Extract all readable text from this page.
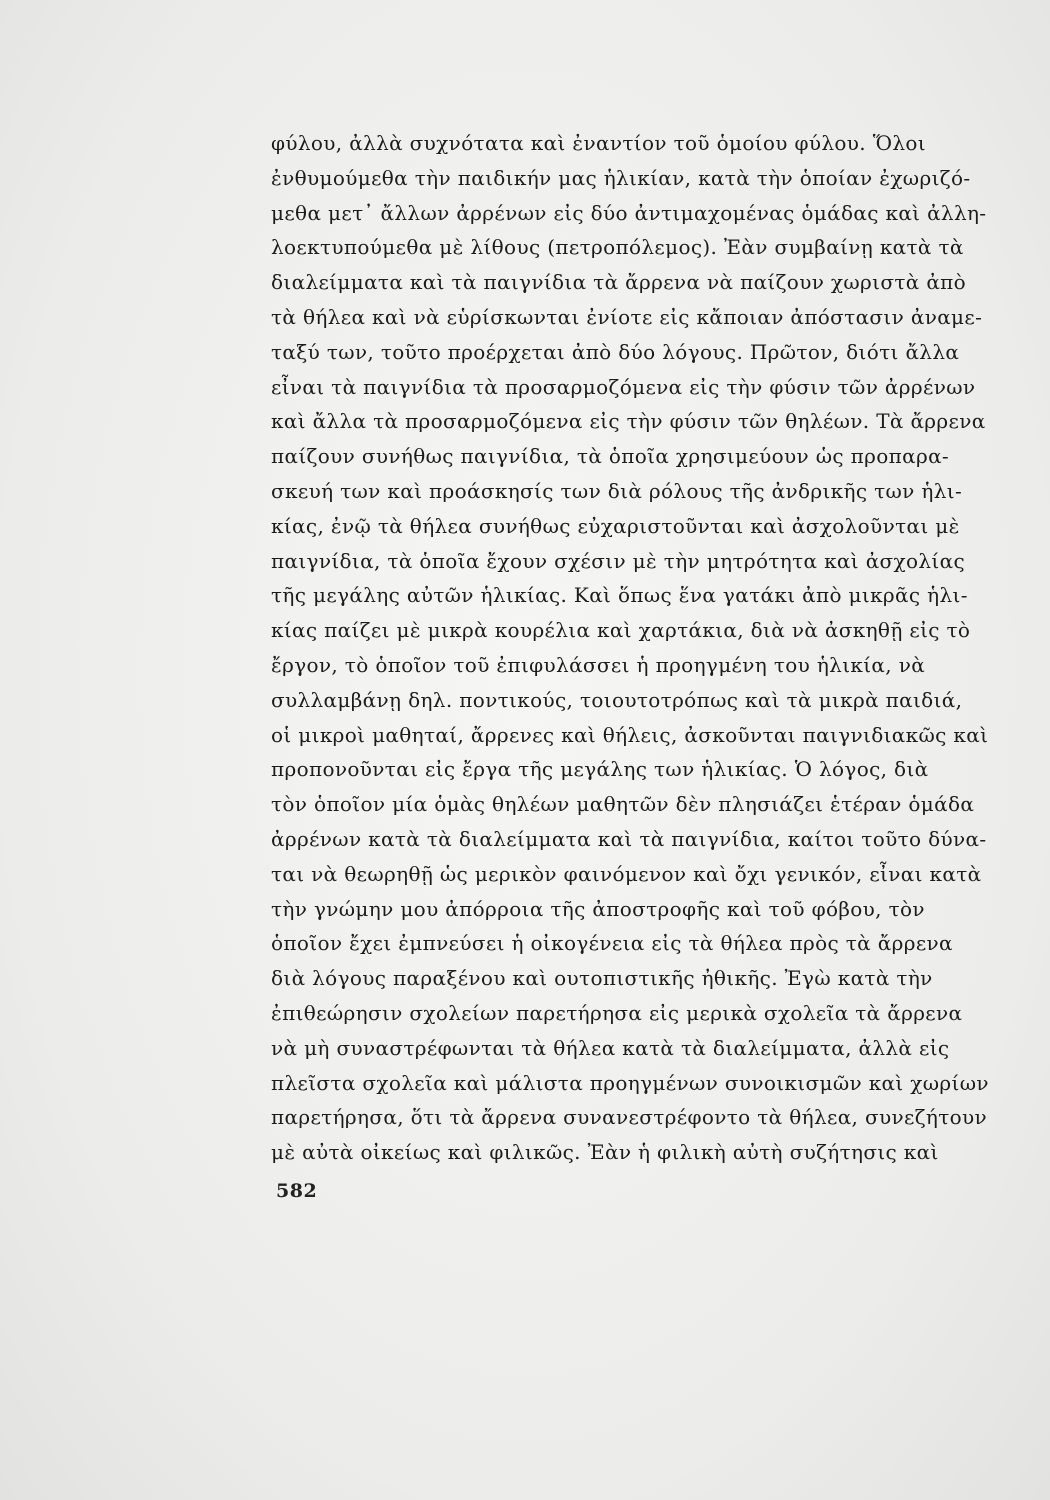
φύλου, ἀλλὰ συχνότατα καὶ ἐναντίον τοῦ ὁμοίου φύλου. Ὅλοι
ἐνθυμούμεθα τὴν παιδικήν μας ἡλικίαν, κατὰ τὴν ὁποίαν ἐχωριζό-
μεθα μετ᾽ ἄλλων ἀρρένων εἰς δύο ἀντιμαχομένας ὁμάδας καὶ ἀλλη-
λοεκτυπούμεθα μὲ λίθους (πετροπόλεμος). Ἐὰν συμβαίνῃ κατὰ τὰ
διαλείμματα καὶ τὰ παιγνίδια τὰ ἄρρενα νὰ παίζουν χωριστὰ ἀπὸ
τὰ θήλεα καὶ νὰ εὑρίσκωνται ἐνίοτε εἰς κἄποιαν ἀπόστασιν ἀναμε-
ταξύ των, τοῦτο προέρχεται ἀπὸ δύο λόγους. Πρῶτον, διότι ἄλλα
εἶναι τὰ παιγνίδια τὰ προσαρμοζόμενα εἰς τὴν φύσιν τῶν ἀρρένων
καὶ ἄλλα τὰ προσαρμοζόμενα εἰς τὴν φύσιν τῶν θηλέων. Τὰ ἄρρενα
παίζουν συνήθως παιγνίδια, τὰ ὁποῖα χρησιμεύουν ὡς προπαρα-
σκευή των καὶ προάσκησίς των διὰ ρόλους τῆς ἀνδρικῆς των ἡλι-
κίας, ἐνῷ τὰ θήλεα συνήθως εὐχαριστοῦνται καὶ ἀσχολοῦνται μὲ
παιγνίδια, τὰ ὁποῖα ἔχουν σχέσιν μὲ τὴν μητρότητα καὶ ἀσχολίας
τῆς μεγάλης αὐτῶν ἡλικίας. Καὶ ὅπως ἕνα γατάκι ἀπὸ μικρᾶς ἡλι-
κίας παίζει μὲ μικρὰ κουρέλια καὶ χαρτάκια, διὰ νὰ ἀσκηθῇ εἰς τὸ
ἔργον, τὸ ὁποῖον τοῦ ἐπιφυλάσσει ἡ προηγμένη του ἡλικία, νὰ
συλλαμβάνῃ δηλ. ποντικούς, τοιουτοτρόπως καὶ τὰ μικρὰ παιδιά,
οἱ μικροὶ μαθηταί, ἄρρενες καὶ θήλεις, ἀσκοῦνται παιγνιδιακῶς καὶ
προπονοῦνται εἰς ἔργα τῆς μεγάλης των ἡλικίας. Ὁ λόγος, διὰ
τὸν ὁποῖον μία ὁμὰς θηλέων μαθητῶν δὲν πλησιάζει ἑτέραν ὁμάδα
ἀρρένων κατὰ τὰ διαλείμματα καὶ τὰ παιγνίδια, καίτοι τοῦτο δύνα-
ται νὰ θεωρηθῇ ὡς μερικὸν φαινόμενον καὶ ὄχι γενικόν, εἶναι κατὰ
τὴν γνώμην μου ἀπόρροια τῆς ἀποστροφῆς καὶ τοῦ φόβου, τὸν
ὁποῖον ἔχει ἐμπνεύσει ἡ οἰκογένεια εἰς τὰ θήλεα πρὸς τὰ ἄρρενα
διὰ λόγους παραξένου καὶ ουτοπιστικῆς ἠθικῆς. Ἐγὼ κατὰ τὴν
ἐπιθεώρησιν σχολείων παρετήρησα εἰς μερικὰ σχολεῖα τὰ ἄρρενα
νὰ μὴ συναστρέφωνται τὰ θήλεα κατὰ τὰ διαλείμματα, ἀλλὰ εἰς
πλεῖστα σχολεῖα καὶ μάλιστα προηγμένων συνοικισμῶν καὶ χωρίων
παρετήρησα, ὅτι τὰ ἄρρενα συνανεστρέφοντο τὰ θήλεα, συνεζήτουν
μὲ αὐτὰ οἰκείως καὶ φιλικῶς. Ἐὰν ἡ φιλικὴ αὐτὴ συζήτησις καὶ
582
